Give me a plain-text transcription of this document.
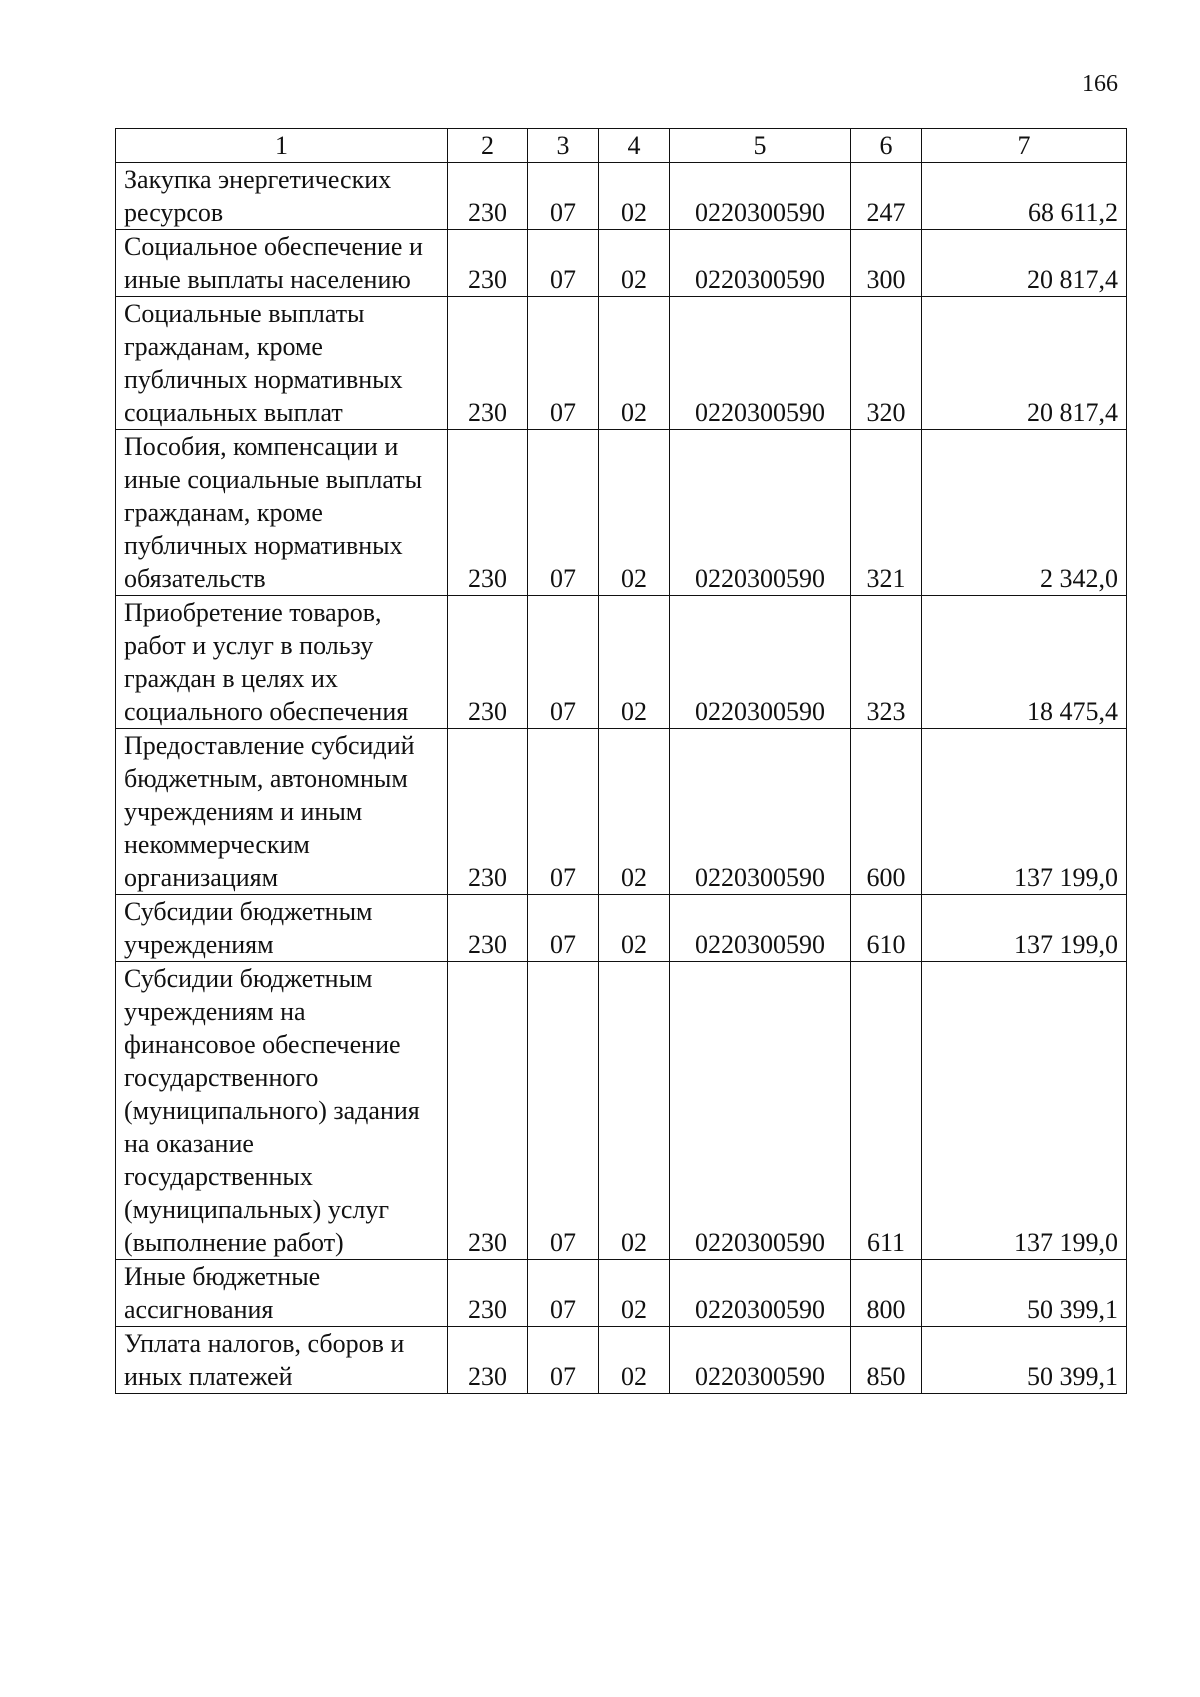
166
1	2	3	4	5	6	7
Закупка энергетических ресурсов	230	07	02	0220300590	247	68 611,2
Социальное обеспечение и иные выплаты населению	230	07	02	0220300590	300	20 817,4
Социальные выплаты гражданам, кроме публичных нормативных социальных выплат	230	07	02	0220300590	320	20 817,4
Пособия, компенсации и иные социальные выплаты гражданам, кроме публичных нормативных обязательств	230	07	02	0220300590	321	2 342,0
Приобретение товаров, работ и услуг в пользу граждан в целях их социального обеспечения	230	07	02	0220300590	323	18 475,4
Предоставление субсидий бюджетным, автономным учреждениям и иным некоммерческим организациям	230	07	02	0220300590	600	137 199,0
Субсидии бюджетным учреждениям	230	07	02	0220300590	610	137 199,0
Субсидии бюджетным учреждениям на финансовое обеспечение государственного (муниципального) задания на оказание государственных (муниципальных) услуг (выполнение работ)	230	07	02	0220300590	611	137 199,0
Иные бюджетные ассигнования	230	07	02	0220300590	800	50 399,1
Уплата налогов, сборов и иных платежей	230	07	02	0220300590	850	50 399,1
